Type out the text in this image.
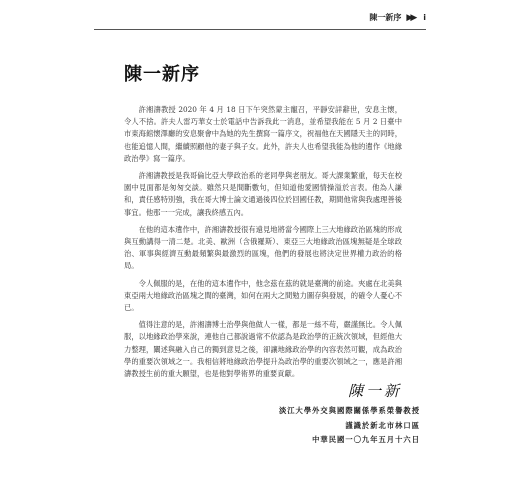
陳一新序 ▶▶ i
陳一新序

許湘濤教授 2020 年 4 月 18 日下午突然蒙主寵召，平靜安詳辭世，安息主懷，令人不捨。許夫人雷巧華女士於電話中告訴我此一消息，並希望我能在 5 月 2 日臺中市東海館懷澤廳的安息聚會中為她的先生撰寫一篇序文，祝福他在天國隱天主的同時，也能追憶人間，繼續照顧他的妻子與子女。此外，許夫人也希望我能為他的遺作《地緣政治學》寫一篇序。

許湘濤教授是我哥倫比亞大學政治系的老同學與老朋友。哥大課業繁重，每天在校園中見面都是匆匆交談。雖然只是間斷數句，但知道他愛國情操溢於言表。他為人謙和，責任感特別強，我在哥大博士論文通過後四位於回國任教，期間他常與我處理善後事宜。他那一一完成，讓我終感五內。

在他的這本遺作中，許湘濤教授很有遠見地將當今國際上三大地緣政治區塊的形成與互動講得一清二楚。北美、歐洲（含俄羅斯）、東亞三大地緣政治區塊無疑是全球政治、軍事與經濟互動最頻繁與最激烈的區塊，他們的發展也將決定世界權力政治的格局。

令人佩服的是，在他的這本遺作中，他念茲在茲的就是臺灣的前途。夾處在北美與東亞兩大地緣政治區塊之間的臺灣，如何在兩大之間勉力圖存與發展，的確令人憂心不已。

值得注意的是，許湘濤博士治學與他做人一樣，都是一絲不苟，嚴謹無比。令人佩服，以地緣政治學來說，連他自己都說過常不依認為是政治學的正統次領域，但經他大力整理，闡述與融入自己的獨到意見之後，卻讓地緣政治學的內容表然可觀，成為政治學的重要次領域之一。我相信將地緣政治學提升為政治學的重要次領域之一，應是許湘濤教授生前的重大願望，也是他對學術界的重要貢獻。

陳一新
淡江大學外交與國際關係學系榮譽教授
謹識於新北市林口區
中華民國一〇九年五月十六日
